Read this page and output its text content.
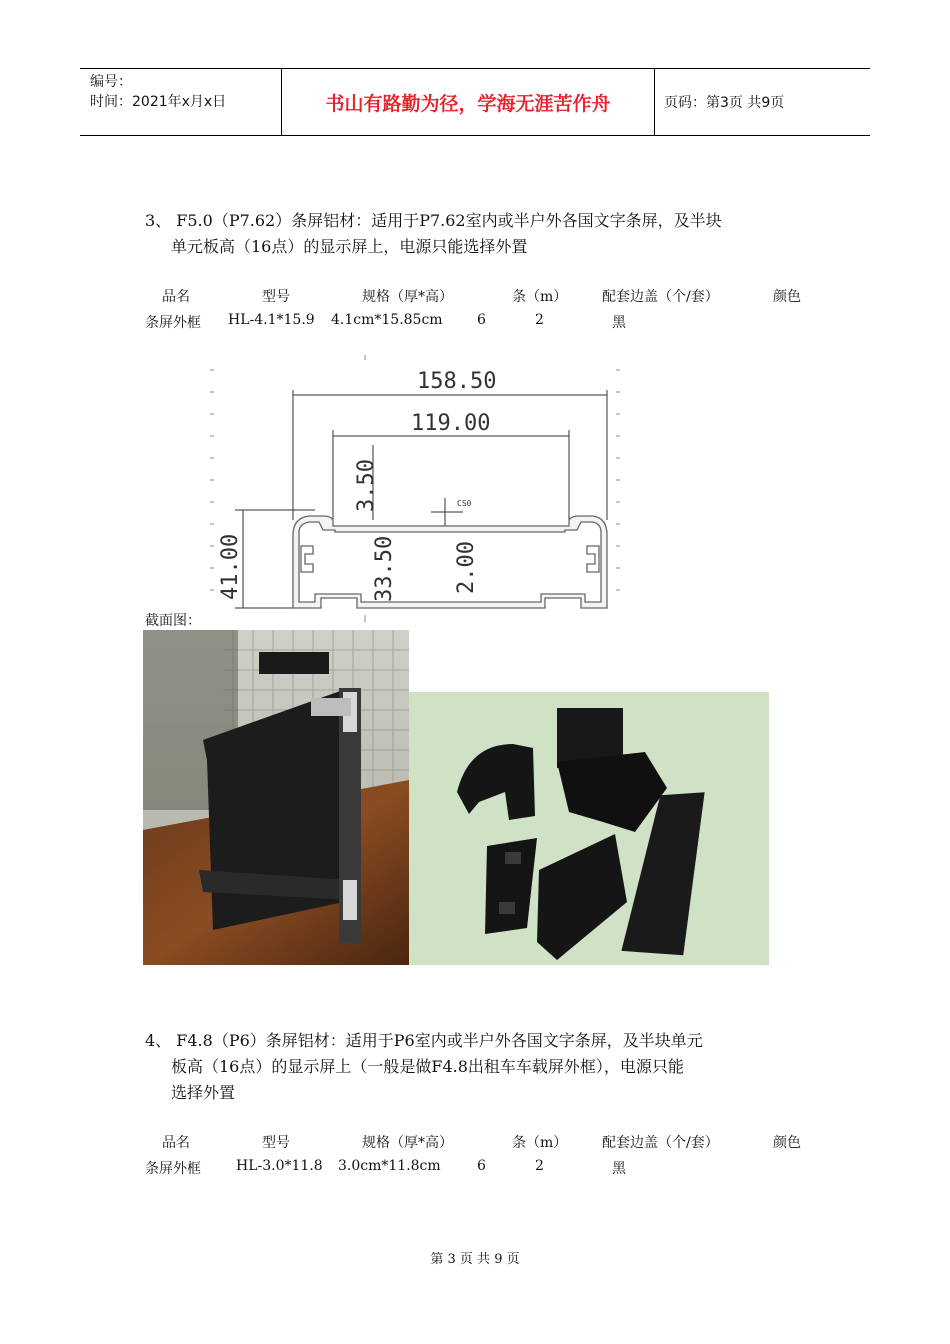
编号：
时间：2021年x月x日	书山有路勤为径，学海无涯苦作舟	页码：第3页 共9页
3、 F5.0（P7.62）条屏铝材：适用于P7.62室内或半户外各国文字条屏，及半块
单元板高（16点）的显示屏上，电源只能选择外置
品名	型号	规格（厚*高）	条（m） 配套边盖（个/套）	颜色
条屏外框 HL-4.1*15.9 4.1cm*15.85cm 6	2	黑
158.50
119.00
41.00
3.50
33.50	2.00
CS0
截面图：
4、 F4.8（P6）条屏铝材：适用于P6室内或半户外各国文字条屏，及半块单元
板高（16点）的显示屏上（一般是做F4.8出租车车载屏外框），电源只能
选择外置
品名	型号	规格（厚*高）	条（m） 配套边盖（个/套）	颜色
条屏外框	HL-3.0*11.8 3.0cm*11.8cm	6	2	黑
第 3 页 共 9 页
